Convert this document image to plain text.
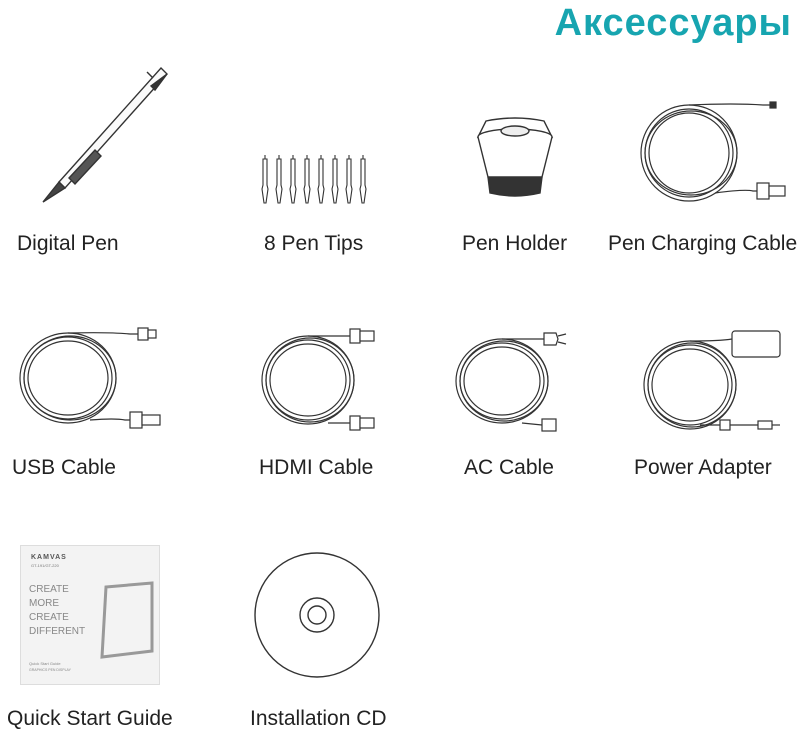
Аксессуары
Digital Pen	8 Pen Tips	Pen Holder Pen Charging Cable
USB Cable	HDMI Cable	AC Cable	Power Adapter
KAMVAS
GT-191/GT-220
CREATE
MORE
CREATE
DIFFERENT
Quick Start Guide
GRAPHICS PEN DISPLAY
Quick Start Guide	Installation CD
